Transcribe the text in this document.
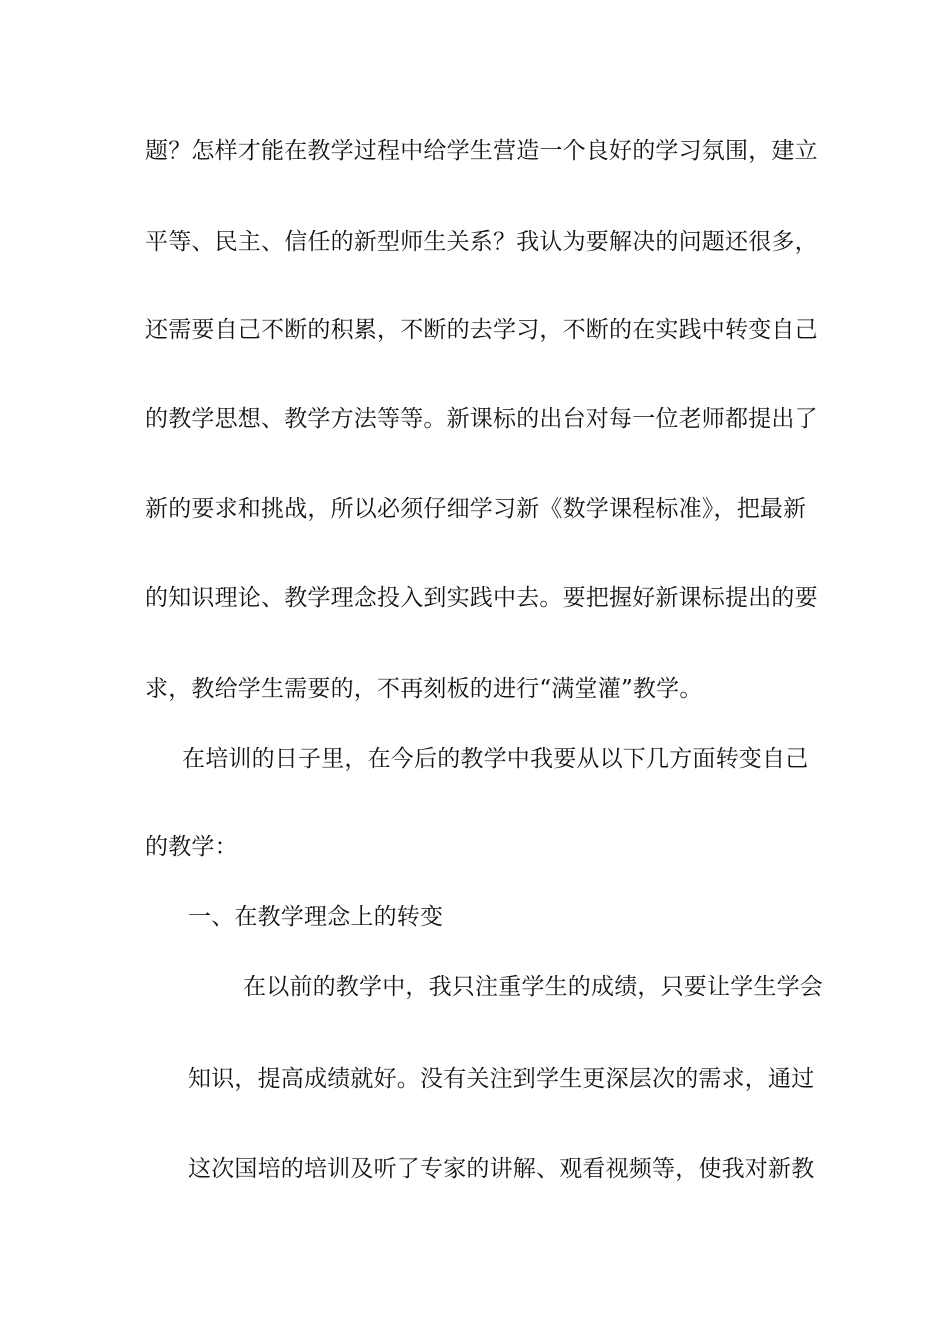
题？怎样才能在教学过程中给学生营造一个良好的学习氛围，建立
平等、民主、信任的新型师生关系？我认为要解决的问题还很多，
还需要自己不断的积累，不断的去学习，不断的在实践中转变自己
的教学思想、教学方法等等。新课标的出台对每一位老师都提出了
新的要求和挑战，所以必须仔细学习新《数学课程标准》，把最新
的知识理论、教学理念投入到实践中去。要把握好新课标提出的要
求，教给学生需要的，不再刻板的进行“满堂灌”教学。
在培训的日子里，在今后的教学中我要从以下几方面转变自己
的教学：
一、在教学理念上的转变
在以前的教学中，我只注重学生的成绩，只要让学生学会
知识，提高成绩就好。没有关注到学生更深层次的需求，通过
这次国培的培训及听了专家的讲解、观看视频等，使我对新教
